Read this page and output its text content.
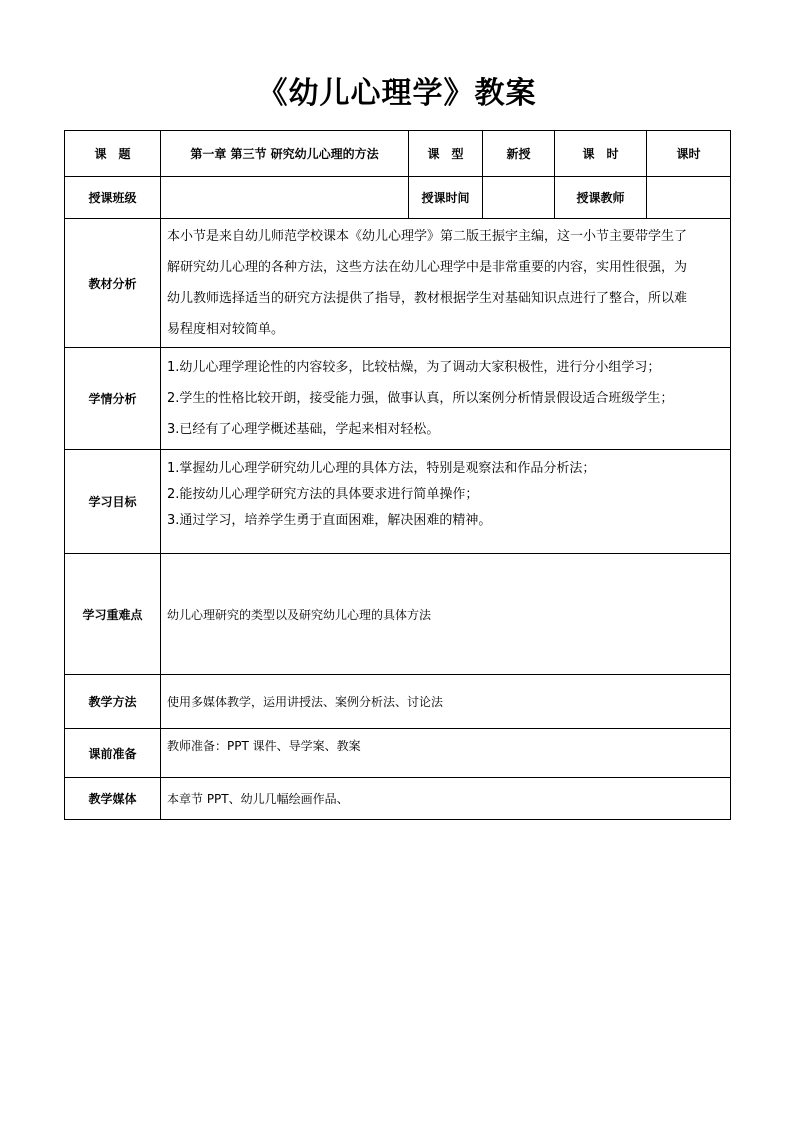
《幼儿心理学》教案
课　题	第一章 第三节 研究幼儿心理的方法	课　型	新授	课　时	课时
授课班级		授课时间		授课教师	
教材分析	本小节是来自幼儿师范学校课本《幼儿心理学》第二版王振宇主编，这一小节主要带学生了
解研究幼儿心理的各种方法，这些方法在幼儿心理学中是非常重要的内容，实用性很强，为
幼儿教师选择适当的研究方法提供了指导，教材根据学生对基础知识点进行了整合，所以难
易程度相对较简单。				

学情分析	1.幼儿心理学理论性的内容较多，比较枯燥，为了调动大家积极性，进行分小组学习；
2.学生的性格比较开朗，接受能力强，做事认真，所以案例分析情景假设适合班级学生；
3.已经有了心理学概述基础，学起来相对轻松。				

学习目标	1.掌握幼儿心理学研究幼儿心理的具体方法，特别是观察法和作品分析法；
2.能按幼儿心理学研究方法的具体要求进行简单操作；
3.通过学习，培养学生勇于直面困难，解决困难的精神。				

学习重难点	幼儿心理研究的类型以及研究幼儿心理的具体方法				
教学方法	使用多媒体教学，运用讲授法、案例分析法、讨论法				
课前准备	教师准备：PPT 课件、导学案、教案				
教学媒体	本章节 PPT、幼儿几幅绘画作品、				
